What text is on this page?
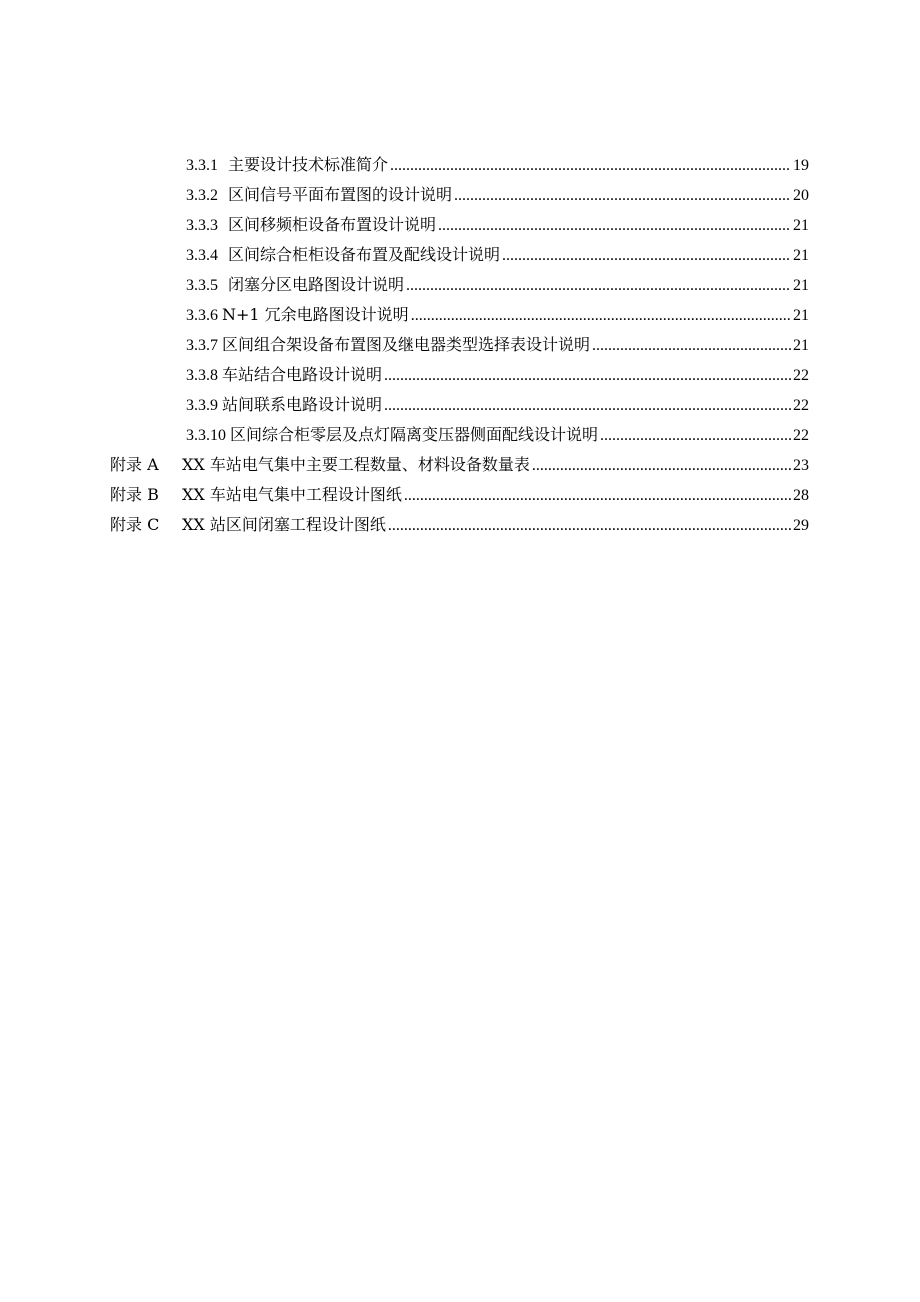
3.3.1 主要设计技术标准简介 .....	19
3.3.2 区间信号平面布置图的设计说明 .....	20
3.3.3 区间移频柜设备布置设计说明 .....	21
3.3.4 区间综合柜柜设备布置及配线设计说明 .....	21
3.3.5 闭塞分区电路图设计说明 .....	21
3.3.6 N+1 冗余电路图设计说明 .....	21
3.3.7 区间组合架设备布置图及继电器类型选择表设计说明 .....	21
3.3.8 车站结合电路设计说明 .....	22
3.3.9 站间联系电路设计说明 .....	22
3.3.10 区间综合柜零层及点灯隔离变压器侧面配线设计说明 .....	22
附录 A	XX 车站电气集中主要工程数量、材料设备数量表 .....	23
附录 B	XX 车站电气集中工程设计图纸 .....	28
附录 C	XX 站区间闭塞工程设计图纸 .....	29
